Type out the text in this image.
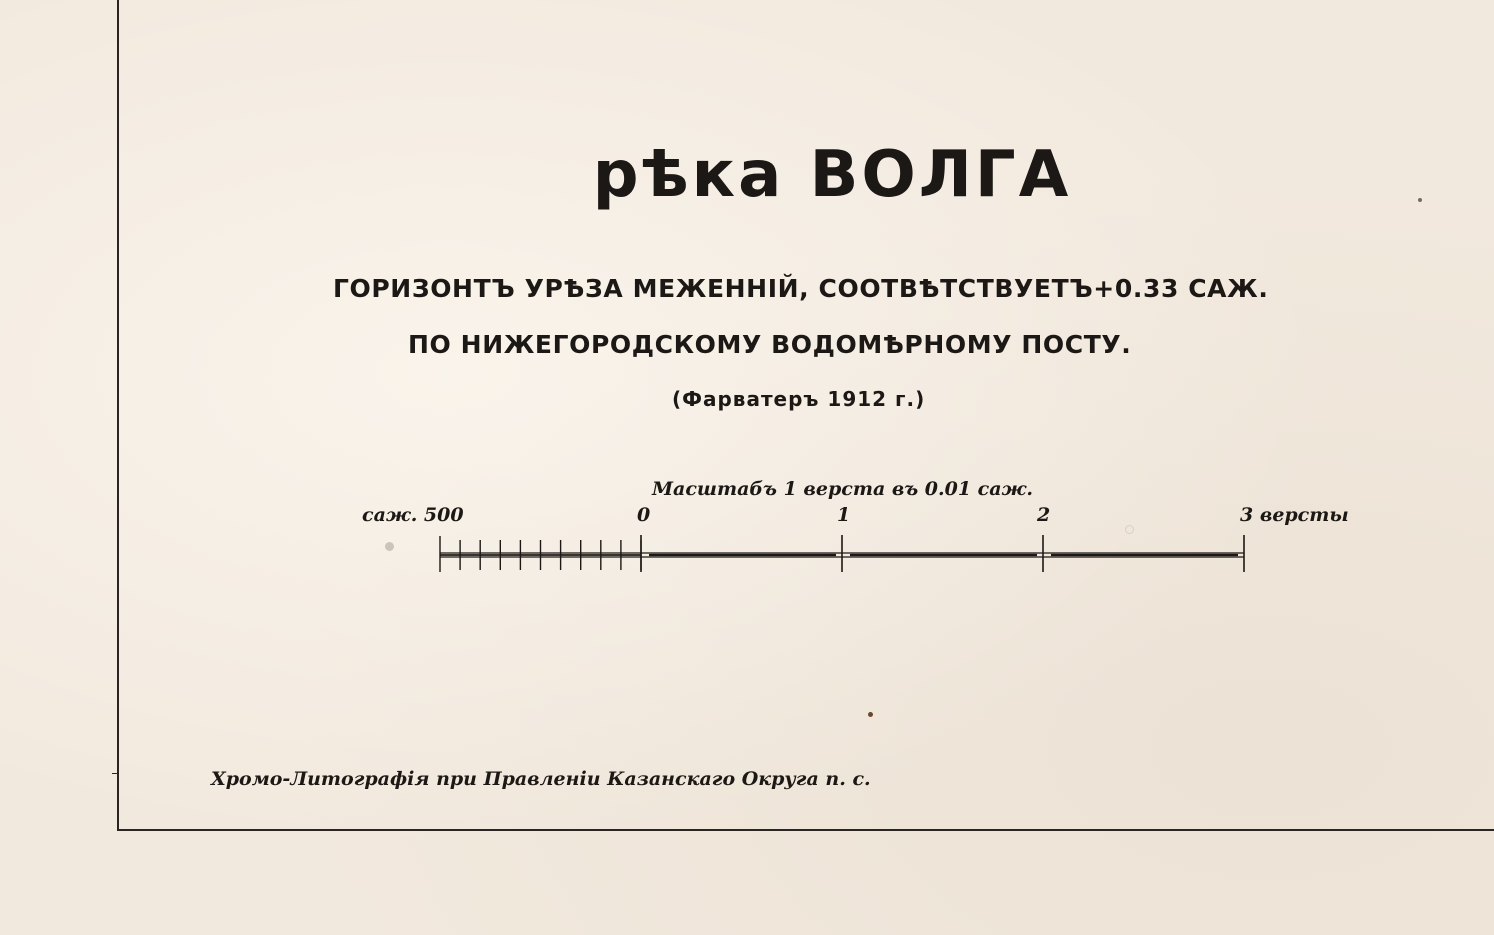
рѣка ВОЛГА
ГОРИЗОНТЪ УРѢЗА МЕЖЕННІЙ, СООТВѢТСТВУЕТЪ+0.33 САЖ.
ПО НИЖЕГОРОДСКОМУ ВОДОМѢРНОМУ ПОСТУ.
(Фарватеръ 1912 г.)
Масштабъ 1 верста въ 0.01 саж.
саж. 500	0	1	2	3 версты
Хромо-Литографія при Правленіи Казанскаго Округа п. с.
